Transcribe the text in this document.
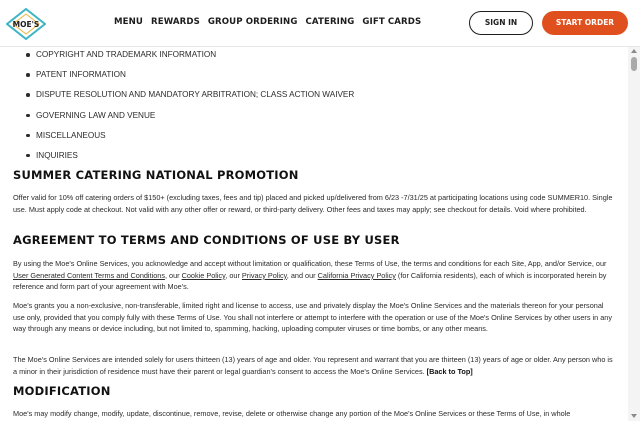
MOE'S	MENU REWARDS GROUP ORDERING CATERING GIFT CARDS	SIGN IN	START ORDER
COPYRIGHT AND TRADEMARK INFORMATION
PATENT INFORMATION
DISPUTE RESOLUTION AND MANDATORY ARBITRATION; CLASS ACTION WAIVER
GOVERNING LAW AND VENUE
MISCELLANEOUS
INQUIRIES
SUMMER CATERING NATIONAL PROMOTION

Offer valid for 10% off catering orders of $150+ (excluding taxes, fees and tip) placed and picked up/delivered from 6/23 -7/31/25 at participating locations using code SUMMER10. Single use. Must apply code at checkout. Not valid with any other offer or reward, or third-party delivery. Other fees and taxes may apply; see checkout for details. Void where prohibited.

AGREEMENT TO TERMS AND CONDITIONS OF USE BY USER

By using the Moe's Online Services, you acknowledge and accept without limitation or qualification, these Terms of Use, the terms and conditions for each Site, App, and/or Service, our User Generated Content Terms and Conditions, our Cookie Policy, our Privacy Policy, and our California Privacy Policy (for California residents), each of which is incorporated herein by reference and form part of your agreement with Moe's.

Moe's grants you a non-exclusive, non-transferable, limited right and license to access, use and privately display the Moe's Online Services and the materials thereon for your personal use only, provided that you comply fully with these Terms of Use. You shall not interfere or attempt to interfere with the operation or use of the Moe's Online Services by other users in any way through any means or device including, but not limited to, spamming, hacking, uploading computer viruses or time bombs, or any other means.

The Moe's Online Services are intended solely for users thirteen (13) years of age and older. You represent and warrant that you are thirteen (13) years of age or older. Any person who is a minor in their jurisdiction of residence must have their parent or legal guardian's consent to access the Moe's Online Services. [Back to Top]

MODIFICATION

Moe's may modify change, modify, update, discontinue, remove, revise, delete or otherwise change any portion of the Moe's Online Services or these Terms of Use, in whole
